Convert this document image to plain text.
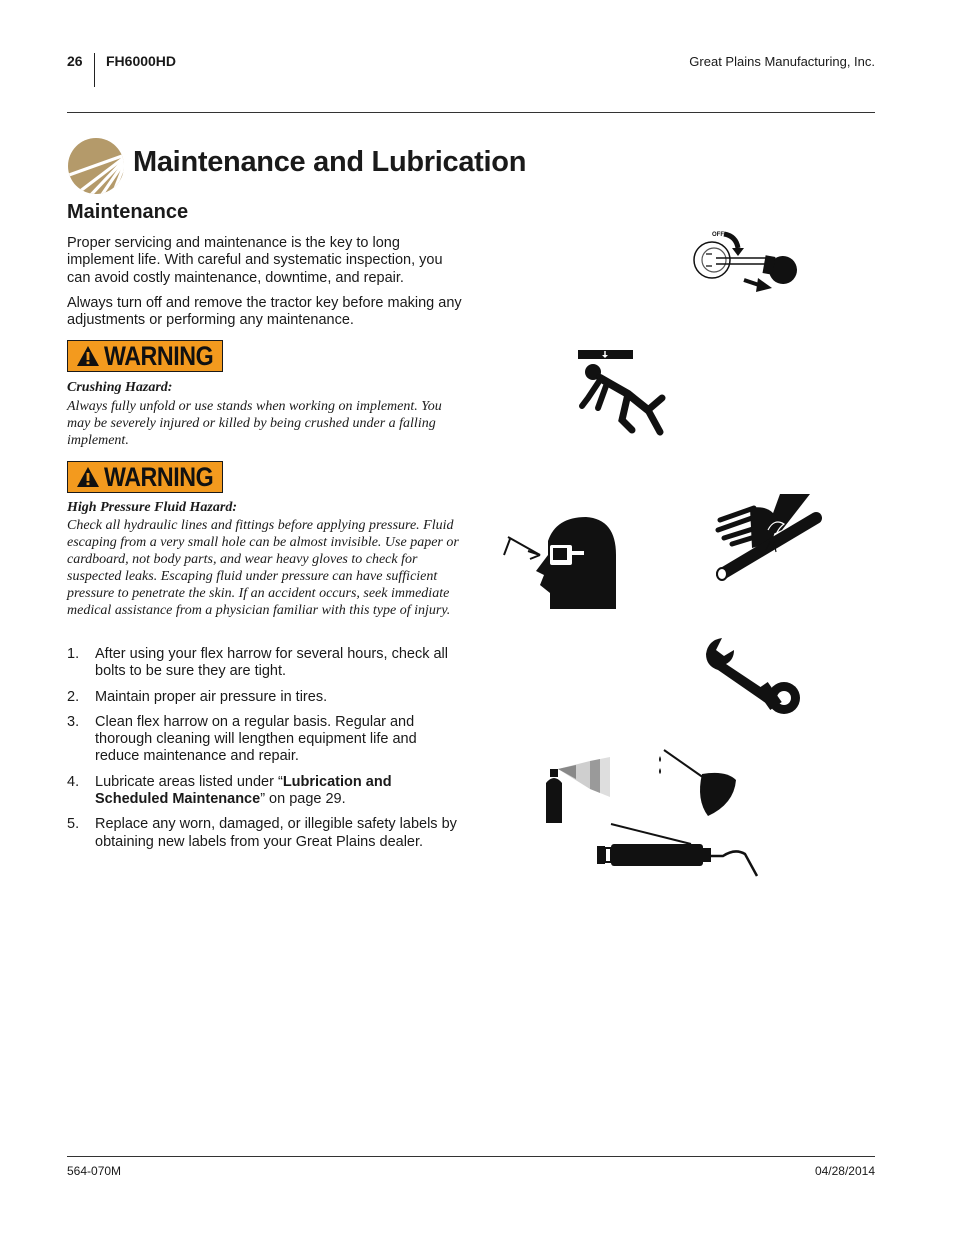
26 FH6000HD	Great Plains Manufacturing, Inc.
Maintenance and Lubrication
Maintenance
Proper servicing and maintenance is the key to long implement life. With careful and systematic inspection, you can avoid costly maintenance, downtime, and repair.
Always turn off and remove the tractor key before making any adjustments or performing any maintenance.
WARNING
Crushing Hazard:
Always fully unfold or use stands when working on implement. You may be severely injured or killed by being crushed under a falling implement.
WARNING
High Pressure Fluid Hazard:
Check all hydraulic lines and fittings before applying pressure. Fluid escaping from a very small hole can be almost invisible. Use paper or cardboard, not body parts, and wear heavy gloves to check for suspected leaks. Escaping fluid under pressure can have sufficient pressure to penetrate the skin. If an accident occurs, seek immediate medical assistance from a physician familiar with this type of injury.
1.	After using your flex harrow for several hours, check all bolts to be sure they are tight.
2.	Maintain proper air pressure in tires.
3.	Clean flex harrow on a regular basis. Regular and thorough cleaning will lengthen equipment life and reduce maintenance and repair.
4.	Lubricate areas listed under “Lubrication and Scheduled Maintenance” on page 29.
5.	Replace any worn, damaged, or illegible safety labels by obtaining new labels from your Great Plains dealer.
OFF
564-070M	04/28/2014
